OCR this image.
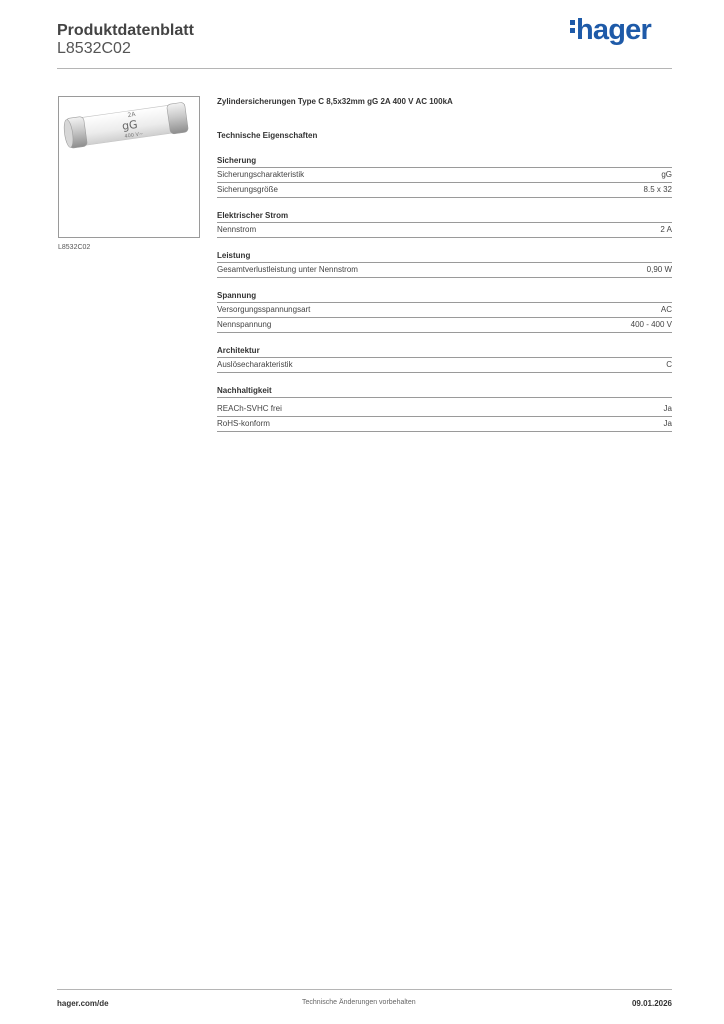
Produktdatenblatt
L8532C02
hager
2A
gG
400 V~
L8532C02
Zylindersicherungen Type C 8,5x32mm gG 2A 400 V AC 100kA
Technische Eigenschaften
Sicherung
Sicherungscharakteristik	gG
Sicherungsgröße	8.5 x 32
Elektrischer Strom
Nennstrom	2 A
Leistung
Gesamtverlustleistung unter Nennstrom	0,90 W
Spannung
Versorgungsspannungsart	AC
Nennspannung	400 - 400 V
Architektur
Auslösecharakteristik	C
Nachhaltigkeit
REACh-SVHC frei	Ja
RoHS-konform	Ja
hager.com/de	Technische Änderungen vorbehalten	09.01.2026
